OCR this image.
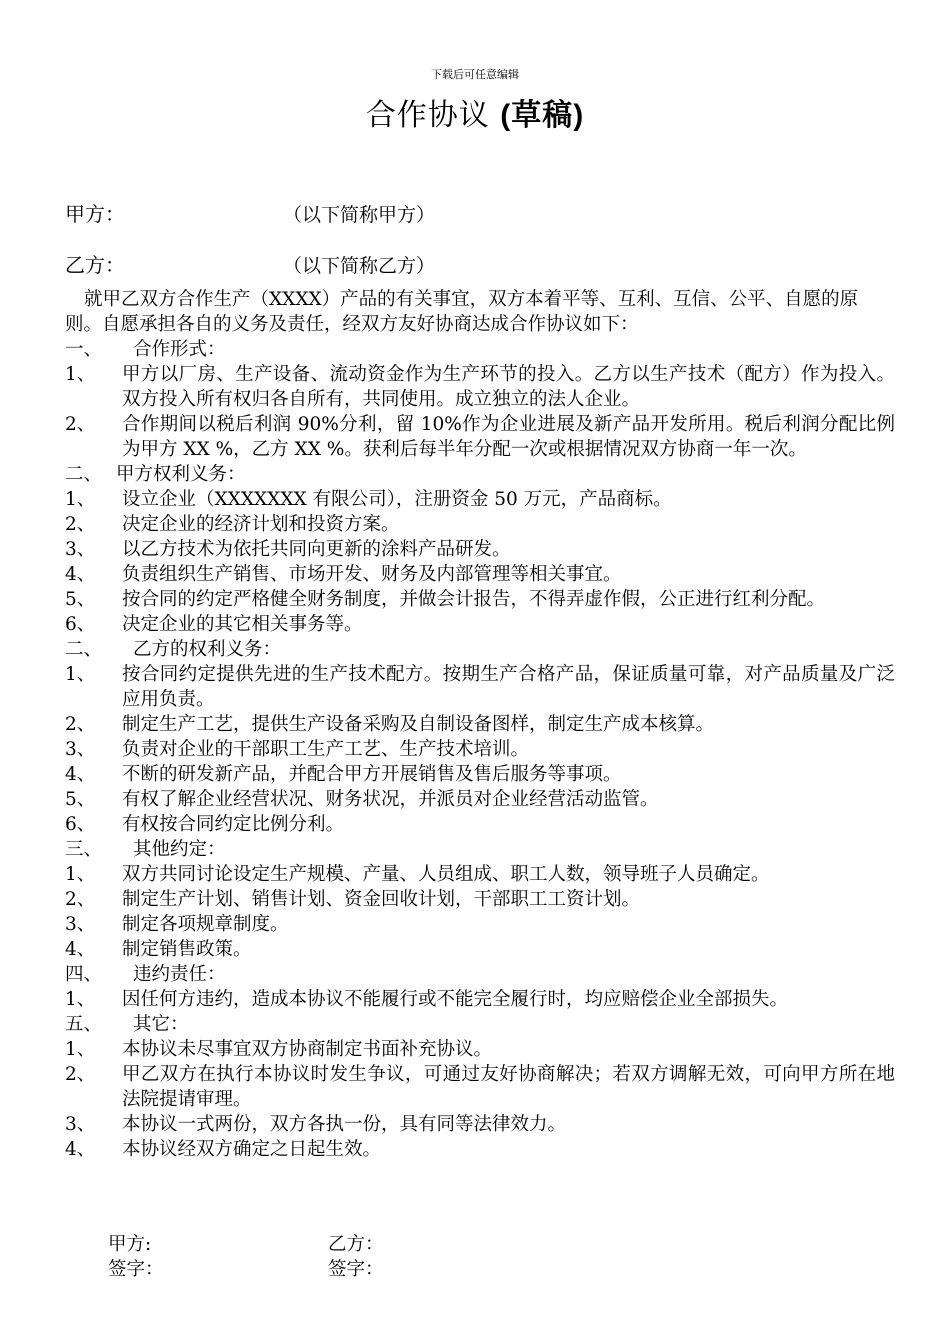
下载后可任意编辑
合作协议 (草稿)
甲方：	（以下简称甲方）
乙方：	（以下简称乙方）

就甲乙双方合作生产（XXXX）产品的有关事宜，双方本着平等、互利、互信、公平、自愿的原则。自愿承担各自的义务及责任，经双方友好协商达成合作协议如下：

一、 合作形式：

1、 甲方以厂房、生产设备、流动资金作为生产环节的投入。乙方以生产技术（配方）作为投入。双方投入所有权归各自所有，共同使用。成立独立的法人企业。

2、 合作期间以税后利润 90%分利，留 10%作为企业进展及新产品开发所用。税后利润分配比例为甲方 XX %，乙方 XX %。获利后每半年分配一次或根据情况双方协商一年一次。

二、 甲方权利义务：

1、 设立企业（XXXXXXX 有限公司），注册资金 50 万元，产品商标。

2、 决定企业的经济计划和投资方案。

3、 以乙方技术为依托共同向更新的涂料产品研发。

4、 负责组织生产销售、市场开发、财务及内部管理等相关事宜。

5、 按合同的约定严格健全财务制度，并做会计报告，不得弄虚作假，公正进行红利分配。

6、 决定企业的其它相关事务等。

二、 乙方的权利义务：

1、 按合同约定提供先进的生产技术配方。按期生产合格产品，保证质量可靠，对产品质量及广泛应用负责。

2、 制定生产工艺，提供生产设备采购及自制设备图样，制定生产成本核算。

3、 负责对企业的干部职工生产工艺、生产技术培训。

4、 不断的研发新产品，并配合甲方开展销售及售后服务等事项。

5、 有权了解企业经营状况、财务状况，并派员对企业经营活动监管。

6、 有权按合同约定比例分利。

三、 其他约定：

1、 双方共同讨论设定生产规模、产量、人员组成、职工人数，领导班子人员确定。

2、 制定生产计划、销售计划、资金回收计划，干部职工工资计划。

3、 制定各项规章制度。

4、 制定销售政策。

四、 违约责任：

1、 因任何方违约，造成本协议不能履行或不能完全履行时，均应赔偿企业全部损失。

五、 其它：

1、 本协议未尽事宜双方协商制定书面补充协议。

2、 甲乙双方在执行本协议时发生争议，可通过友好协商解决；若双方调解无效，可向甲方所在地法院提请审理。

3、 本协议一式两份，双方各执一份，具有同等法律效力。

4、 本协议经双方确定之日起生效。

甲方:	乙方：
签字：	签字：
